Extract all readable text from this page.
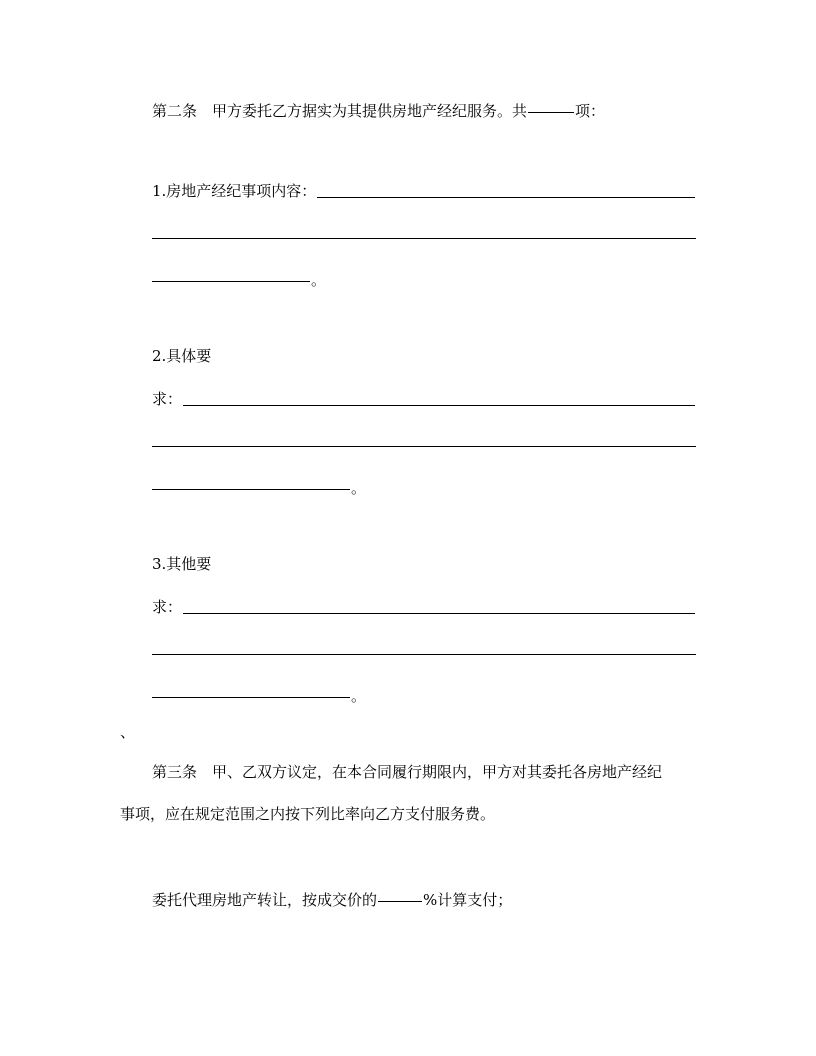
第二条 甲方委托乙方据实为其提供房地产经纪服务。共	项：
1.房地产经纪事项内容：
。
2.具体要
求：
。
3.其他要
求：
。
、
第三条 甲、乙双方议定，在本合同履行期限内，甲方对其委托各房地产经纪
事项，应在规定范围之内按下列比率向乙方支付服务费。
委托代理房地产转让，按成交价的	%计算支付；
